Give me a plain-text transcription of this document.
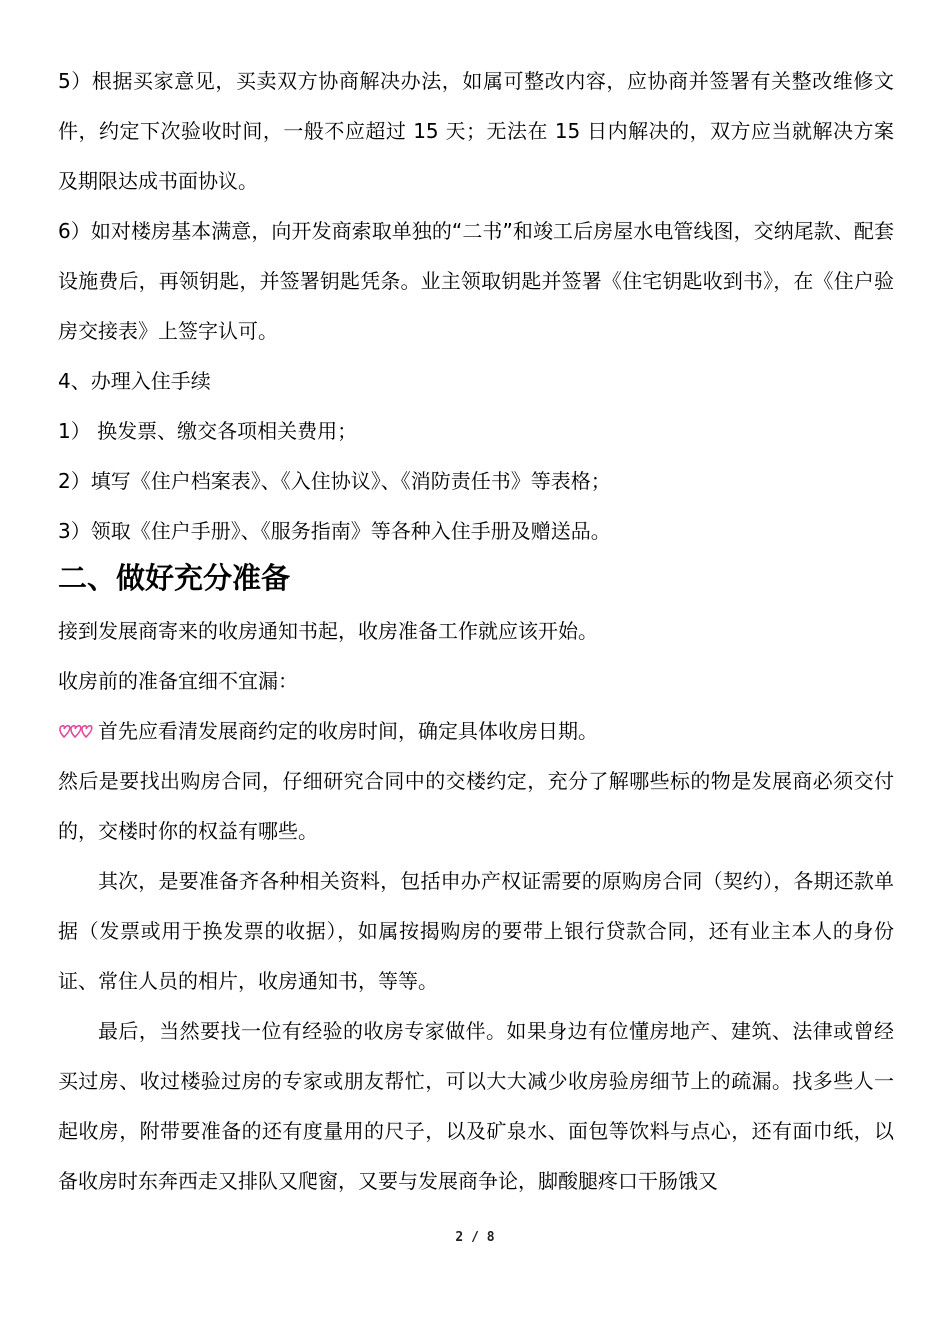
5）根据买家意见，买卖双方协商解决办法，如属可整改内容，应协商并签署有关整改维修文件，约定下次验收时间，一般不应超过 15 天；无法在 15 日内解决的，双方应当就解决方案及期限达成书面协议。

6）如对楼房基本满意，向开发商索取单独的“二书”和竣工后房屋水电管线图，交纳尾款、配套设施费后，再领钥匙，并签署钥匙凭条。业主领取钥匙并签署《住宅钥匙收到书》，在《住户验房交接表》上签字认可。

4、办理入住手续

1） 换发票、缴交各项相关费用；

2）填写《住户档案表》、《入住协议》、《消防责任书》等表格；

3）领取《住户手册》、《服务指南》等各种入住手册及赠送品。

二、做好充分准备

接到发展商寄来的收房通知书起，收房准备工作就应该开始。

收房前的准备宜细不宜漏：

首先应看清发展商约定的收房时间，确定具体收房日期。

然后是要找出购房合同，仔细研究合同中的交楼约定，充分了解哪些标的物是发展商必须交付的，交楼时你的权益有哪些。

其次，是要准备齐各种相关资料，包括申办产权证需要的原购房合同（契约），各期还款单据（发票或用于换发票的收据），如属按揭购房的要带上银行贷款合同，还有业主本人的身份证、常住人员的相片，收房通知书，等等。

最后，当然要找一位有经验的收房专家做伴。如果身边有位懂房地产、建筑、法律或曾经买过房、收过楼验过房的专家或朋友帮忙，可以大大减少收房验房细节上的疏漏。找多些人一起收房，附带要准备的还有度量用的尺子，以及矿泉水、面包等饮料与点心，还有面巾纸，以备收房时东奔西走又排队又爬窗，又要与发展商争论，脚酸腿疼口干肠饿又

2 / 8
